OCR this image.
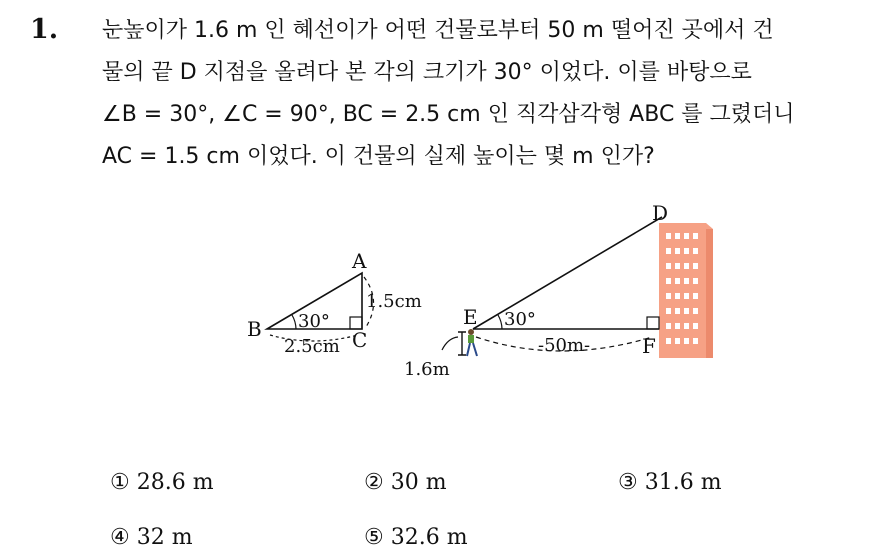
1. 눈높이가 1.6 m 인 혜선이가 어떤 건물로부터 50 m 떨어진 곳에서 건
물의 끝 D 지점을 올려다 본 각의 크기가 30° 이었다. 이를 바탕으로
∠B = 30°, ∠C = 90°, BC = 2.5 cm 인 직각삼각형 ABC 를 그렸더니
AC = 1.5 cm 이었다. 이 건물의 실제 높이는 몇 m 인가?
A
B	C
30°
2.5cm
1.5cm
D
E
F
30°
-50m-
1.6m
① 28.6 m	② 30 m	③ 31.6 m
④ 32 m	⑤ 32.6 m
